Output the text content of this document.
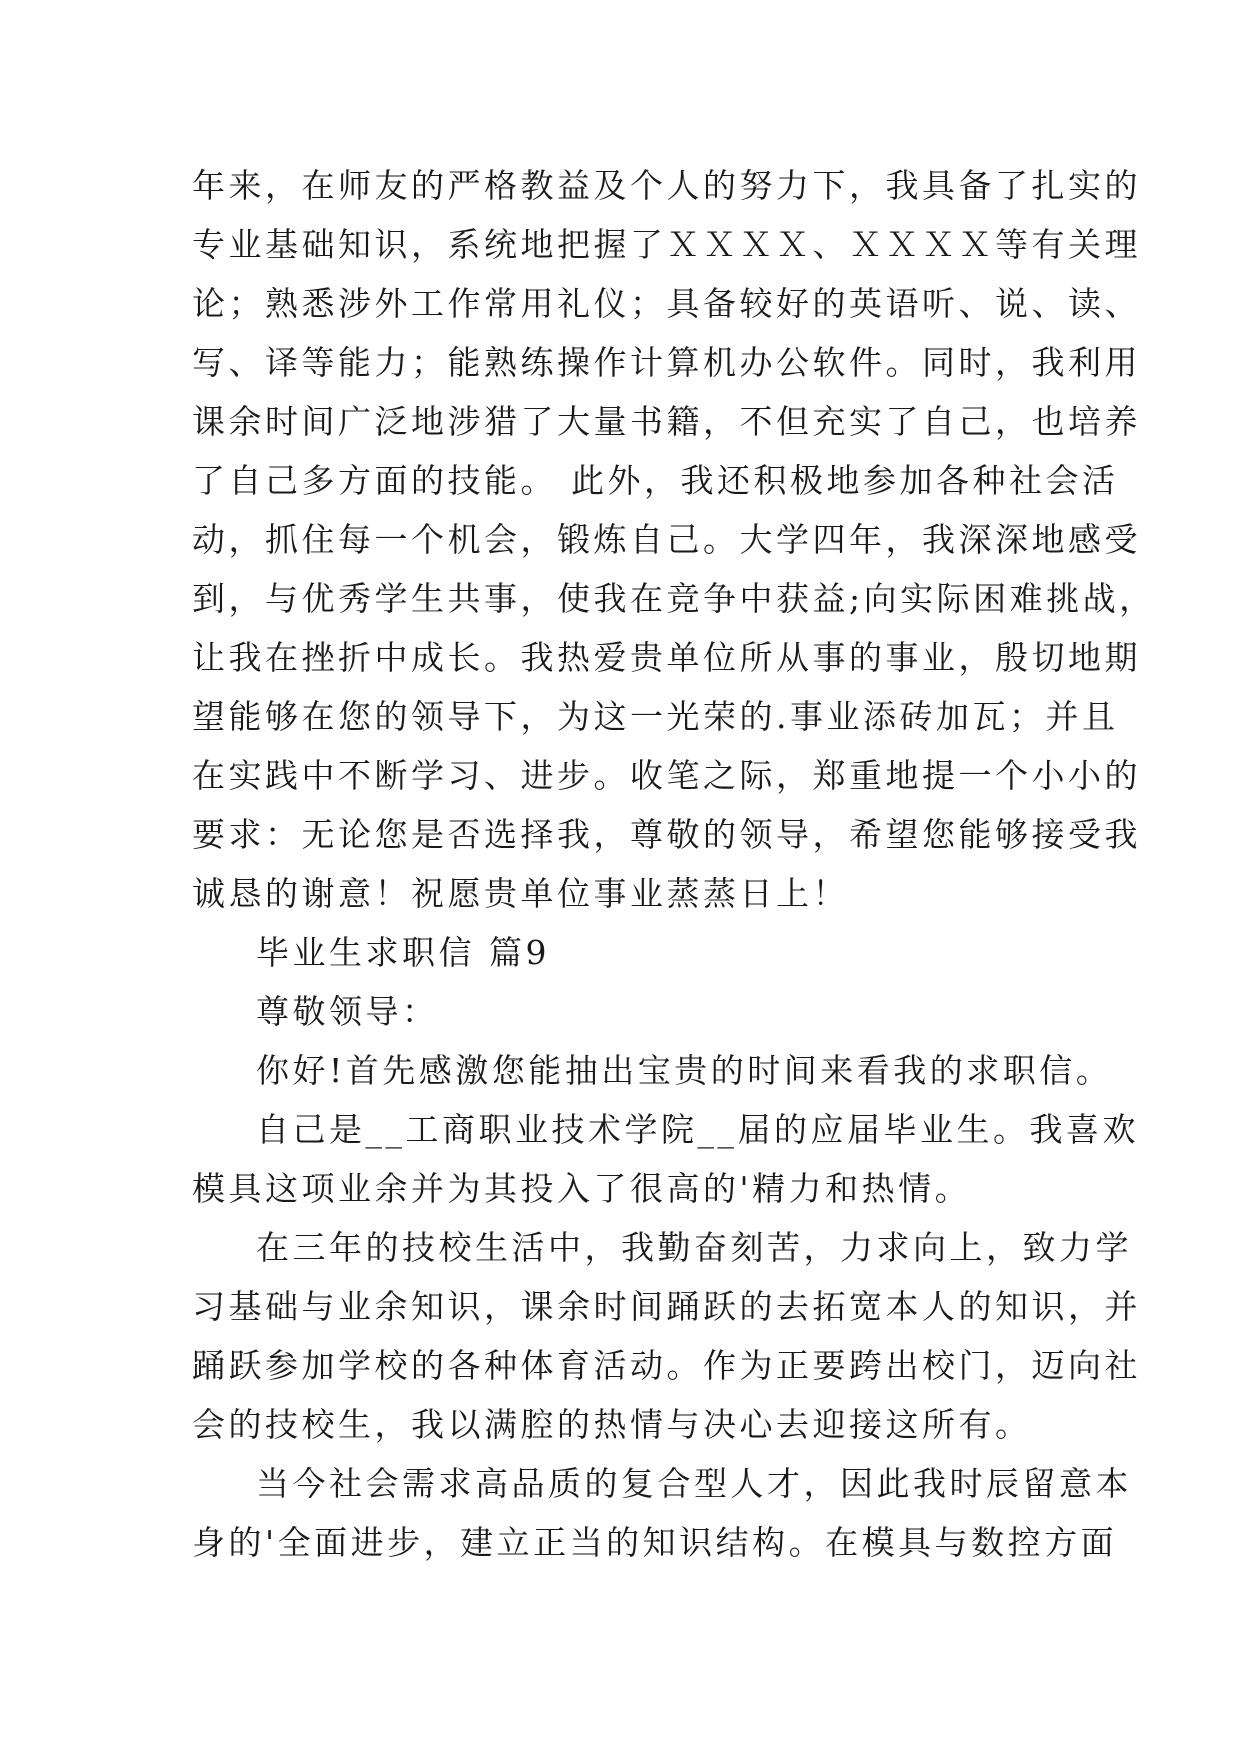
年来，在师友的严格教益及个人的努力下，我具备了扎实的
专业基础知识，系统地把握了ＸＸＸＸ、ＸＸＸＸ等有关理
论；熟悉涉外工作常用礼仪；具备较好的英语听、说、读、
写、译等能力；能熟练操作计算机办公软件。同时，我利用
课余时间广泛地涉猎了大量书籍，不但充实了自己，也培养
了自己多方面的技能。 此外，我还积极地参加各种社会活
动，抓住每一个机会，锻炼自己。大学四年，我深深地感受
到，与优秀学生共事，使我在竞争中获益;向实际困难挑战，
让我在挫折中成长。我热爱贵单位所从事的事业，殷切地期
望能够在您的领导下，为这一光荣的.事业添砖加瓦；并且
在实践中不断学习、进步。收笔之际，郑重地提一个小小的
要求：无论您是否选择我，尊敬的领导，希望您能够接受我
诚恳的谢意！祝愿贵单位事业蒸蒸日上！
毕业生求职信 篇9
尊敬领导：
你好!首先感激您能抽出宝贵的时间来看我的求职信。
自己是__工商职业技术学院__届的应届毕业生。我喜欢
模具这项业余并为其投入了很高的'精力和热情。
在三年的技校生活中，我勤奋刻苦，力求向上，致力学
习基础与业余知识，课余时间踊跃的去拓宽本人的知识，并
踊跃参加学校的各种体育活动。作为正要跨出校门，迈向社
会的技校生，我以满腔的热情与决心去迎接这所有。
当今社会需求高品质的复合型人才，因此我时辰留意本
身的'全面进步，建立正当的知识结构。在模具与数控方面
